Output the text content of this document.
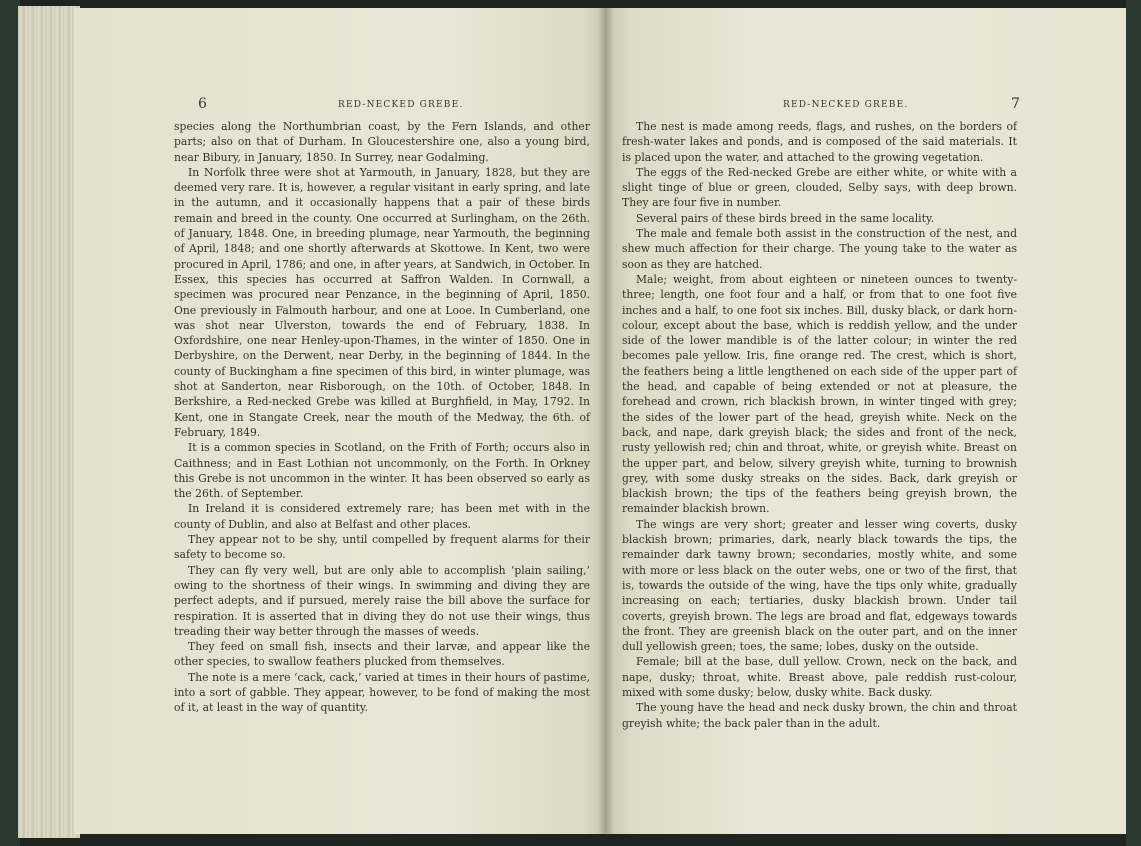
6	RED-NECKED GREBE.

species along the Northumbrian coast, by the Fern Islands, and other parts; also on that of Durham. In Gloucestershire one, also a young bird, near Bibury, in January, 1850. In Surrey, near Godalming.

In Norfolk three were shot at Yarmouth, in January, 1828, but they are deemed very rare. It is, however, a regular visitant in early spring, and late in the autumn, and it occasionally happens that a pair of these birds remain and breed in the county. One occurred at Surlingham, on the 26th. of January, 1848. One, in breeding plumage, near Yarmouth, the beginning of April, 1848; and one shortly afterwards at Skottowe. In Kent, two were procured in April, 1786; and one, in after years, at Sandwich, in October. In Essex, this species has occurred at Saffron Walden. In Cornwall, a specimen was procured near Penzance, in the beginning of April, 1850. One previously in Falmouth harbour, and one at Looe. In Cumberland, one was shot near Ulverston, towards the end of February, 1838. In Oxfordshire, one near Henley-upon-Thames, in the winter of 1850. One in Derbyshire, on the Derwent, near Derby, in the beginning of 1844. In the county of Buckingham a fine specimen of this bird, in winter plumage, was shot at Sanderton, near Risborough, on the 10th. of October, 1848. In Berkshire, a Red-necked Grebe was killed at Burghfield, in May, 1792. In Kent, one in Stangate Creek, near the mouth of the Medway, the 6th. of February, 1849.

It is a common species in Scotland, on the Frith of Forth; occurs also in Caithness; and in East Lothian not uncommonly, on the Forth. In Orkney this Grebe is not uncommon in the winter. It has been observed so early as the 26th. of September.

In Ireland it is considered extremely rare; has been met with in the county of Dublin, and also at Belfast and other places.

They appear not to be shy, until compelled by frequent alarms for their safety to become so.

They can fly very well, but are only able to accomplish ‘plain sailing,’ owing to the shortness of their wings. In swimming and diving they are perfect adepts, and if pursued, merely raise the bill above the surface for respiration. It is asserted that in diving they do not use their wings, thus treading their way better through the masses of weeds.

They feed on small fish, insects and their larvæ, and appear like the other species, to swallow feathers plucked from themselves.

The note is a mere ‘cack, cack,’ varied at times in their hours of pastime, into a sort of gabble. They appear, however, to be fond of making the most of it, at least in the way of quantity.

RED-NECKED GREBE.	7

The nest is made among reeds, flags, and rushes, on the borders of fresh-water lakes and ponds, and is composed of the said materials. It is placed upon the water, and attached to the growing vegetation.

The eggs of the Red-necked Grebe are either white, or white with a slight tinge of blue or green, clouded, Selby says, with deep brown. They are four five in number.

Several pairs of these birds breed in the same locality.

The male and female both assist in the construction of the nest, and shew much affection for their charge. The young take to the water as soon as they are hatched.

Male; weight, from about eighteen or nineteen ounces to twenty-three; length, one foot four and a half, or from that to one foot five inches and a half, to one foot six inches. Bill, dusky black, or dark horn-colour, except about the base, which is reddish yellow, and the under side of the lower mandible is of the latter colour; in winter the red becomes pale yellow. Iris, fine orange red. The crest, which is short, the feathers being a little lengthened on each side of the upper part of the head, and capable of being extended or not at pleasure, the forehead and crown, rich blackish brown, in winter tinged with grey; the sides of the lower part of the head, greyish white. Neck on the back, and nape, dark greyish black; the sides and front of the neck, rusty yellowish red; chin and throat, white, or greyish white. Breast on the upper part, and below, silvery greyish white, turning to brownish grey, with some dusky streaks on the sides. Back, dark greyish or blackish brown; the tips of the feathers being greyish brown, the remainder blackish brown.

The wings are very short; greater and lesser wing coverts, dusky blackish brown; primaries, dark, nearly black towards the tips, the remainder dark tawny brown; secondaries, mostly white, and some with more or less black on the outer webs, one or two of the first, that is, towards the outside of the wing, have the tips only white, gradually increasing on each; tertiaries, dusky blackish brown. Under tail coverts, greyish brown. The legs are broad and flat, edgeways towards the front. They are greenish black on the outer part, and on the inner dull yellowish green; toes, the same; lobes, dusky on the outside.

Female; bill at the base, dull yellow. Crown, neck on the back, and nape, dusky; throat, white. Breast above, pale reddish rust-colour, mixed with some dusky; below, dusky white. Back dusky.

The young have the head and neck dusky brown, the chin and throat greyish white; the back paler than in the adult.
